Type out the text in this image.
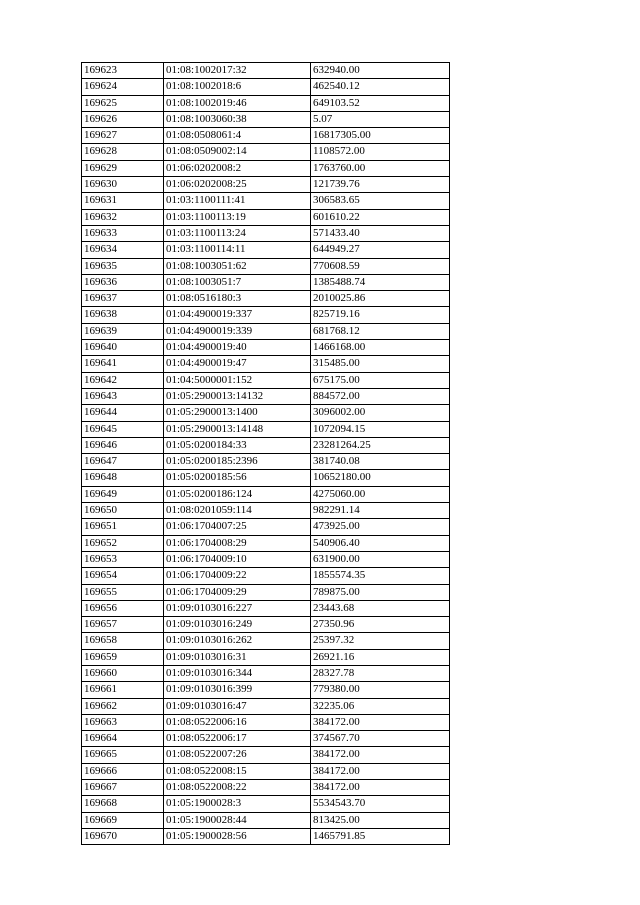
169623	01:08:1002017:32	632940.00
169624	01:08:1002018:6	462540.12
169625	01:08:1002019:46	649103.52
169626	01:08:1003060:38	5.07
169627	01:08:0508061:4	16817305.00
169628	01:08:0509002:14	1108572.00
169629	01:06:0202008:2	1763760.00
169630	01:06:0202008:25	121739.76
169631	01:03:1100111:41	306583.65
169632	01:03:1100113:19	601610.22
169633	01:03:1100113:24	571433.40
169634	01:03:1100114:11	644949.27
169635	01:08:1003051:62	770608.59
169636	01:08:1003051:7	1385488.74
169637	01:08:0516180:3	2010025.86
169638	01:04:4900019:337	825719.16
169639	01:04:4900019:339	681768.12
169640	01:04:4900019:40	1466168.00
169641	01:04:4900019:47	315485.00
169642	01:04:5000001:152	675175.00
169643	01:05:2900013:14132	884572.00
169644	01:05:2900013:1400	3096002.00
169645	01:05:2900013:14148	1072094.15
169646	01:05:0200184:33	23281264.25
169647	01:05:0200185:2396	381740.08
169648	01:05:0200185:56	10652180.00
169649	01:05:0200186:124	4275060.00
169650	01:08:0201059:114	982291.14
169651	01:06:1704007:25	473925.00
169652	01:06:1704008:29	540906.40
169653	01:06:1704009:10	631900.00
169654	01:06:1704009:22	1855574.35
169655	01:06:1704009:29	789875.00
169656	01:09:0103016:227	23443.68
169657	01:09:0103016:249	27350.96
169658	01:09:0103016:262	25397.32
169659	01:09:0103016:31	26921.16
169660	01:09:0103016:344	28327.78
169661	01:09:0103016:399	779380.00
169662	01:09:0103016:47	32235.06
169663	01:08:0522006:16	384172.00
169664	01:08:0522006:17	374567.70
169665	01:08:0522007:26	384172.00
169666	01:08:0522008:15	384172.00
169667	01:08:0522008:22	384172.00
169668	01:05:1900028:3	5534543.70
169669	01:05:1900028:44	813425.00
169670	01:05:1900028:56	1465791.85
